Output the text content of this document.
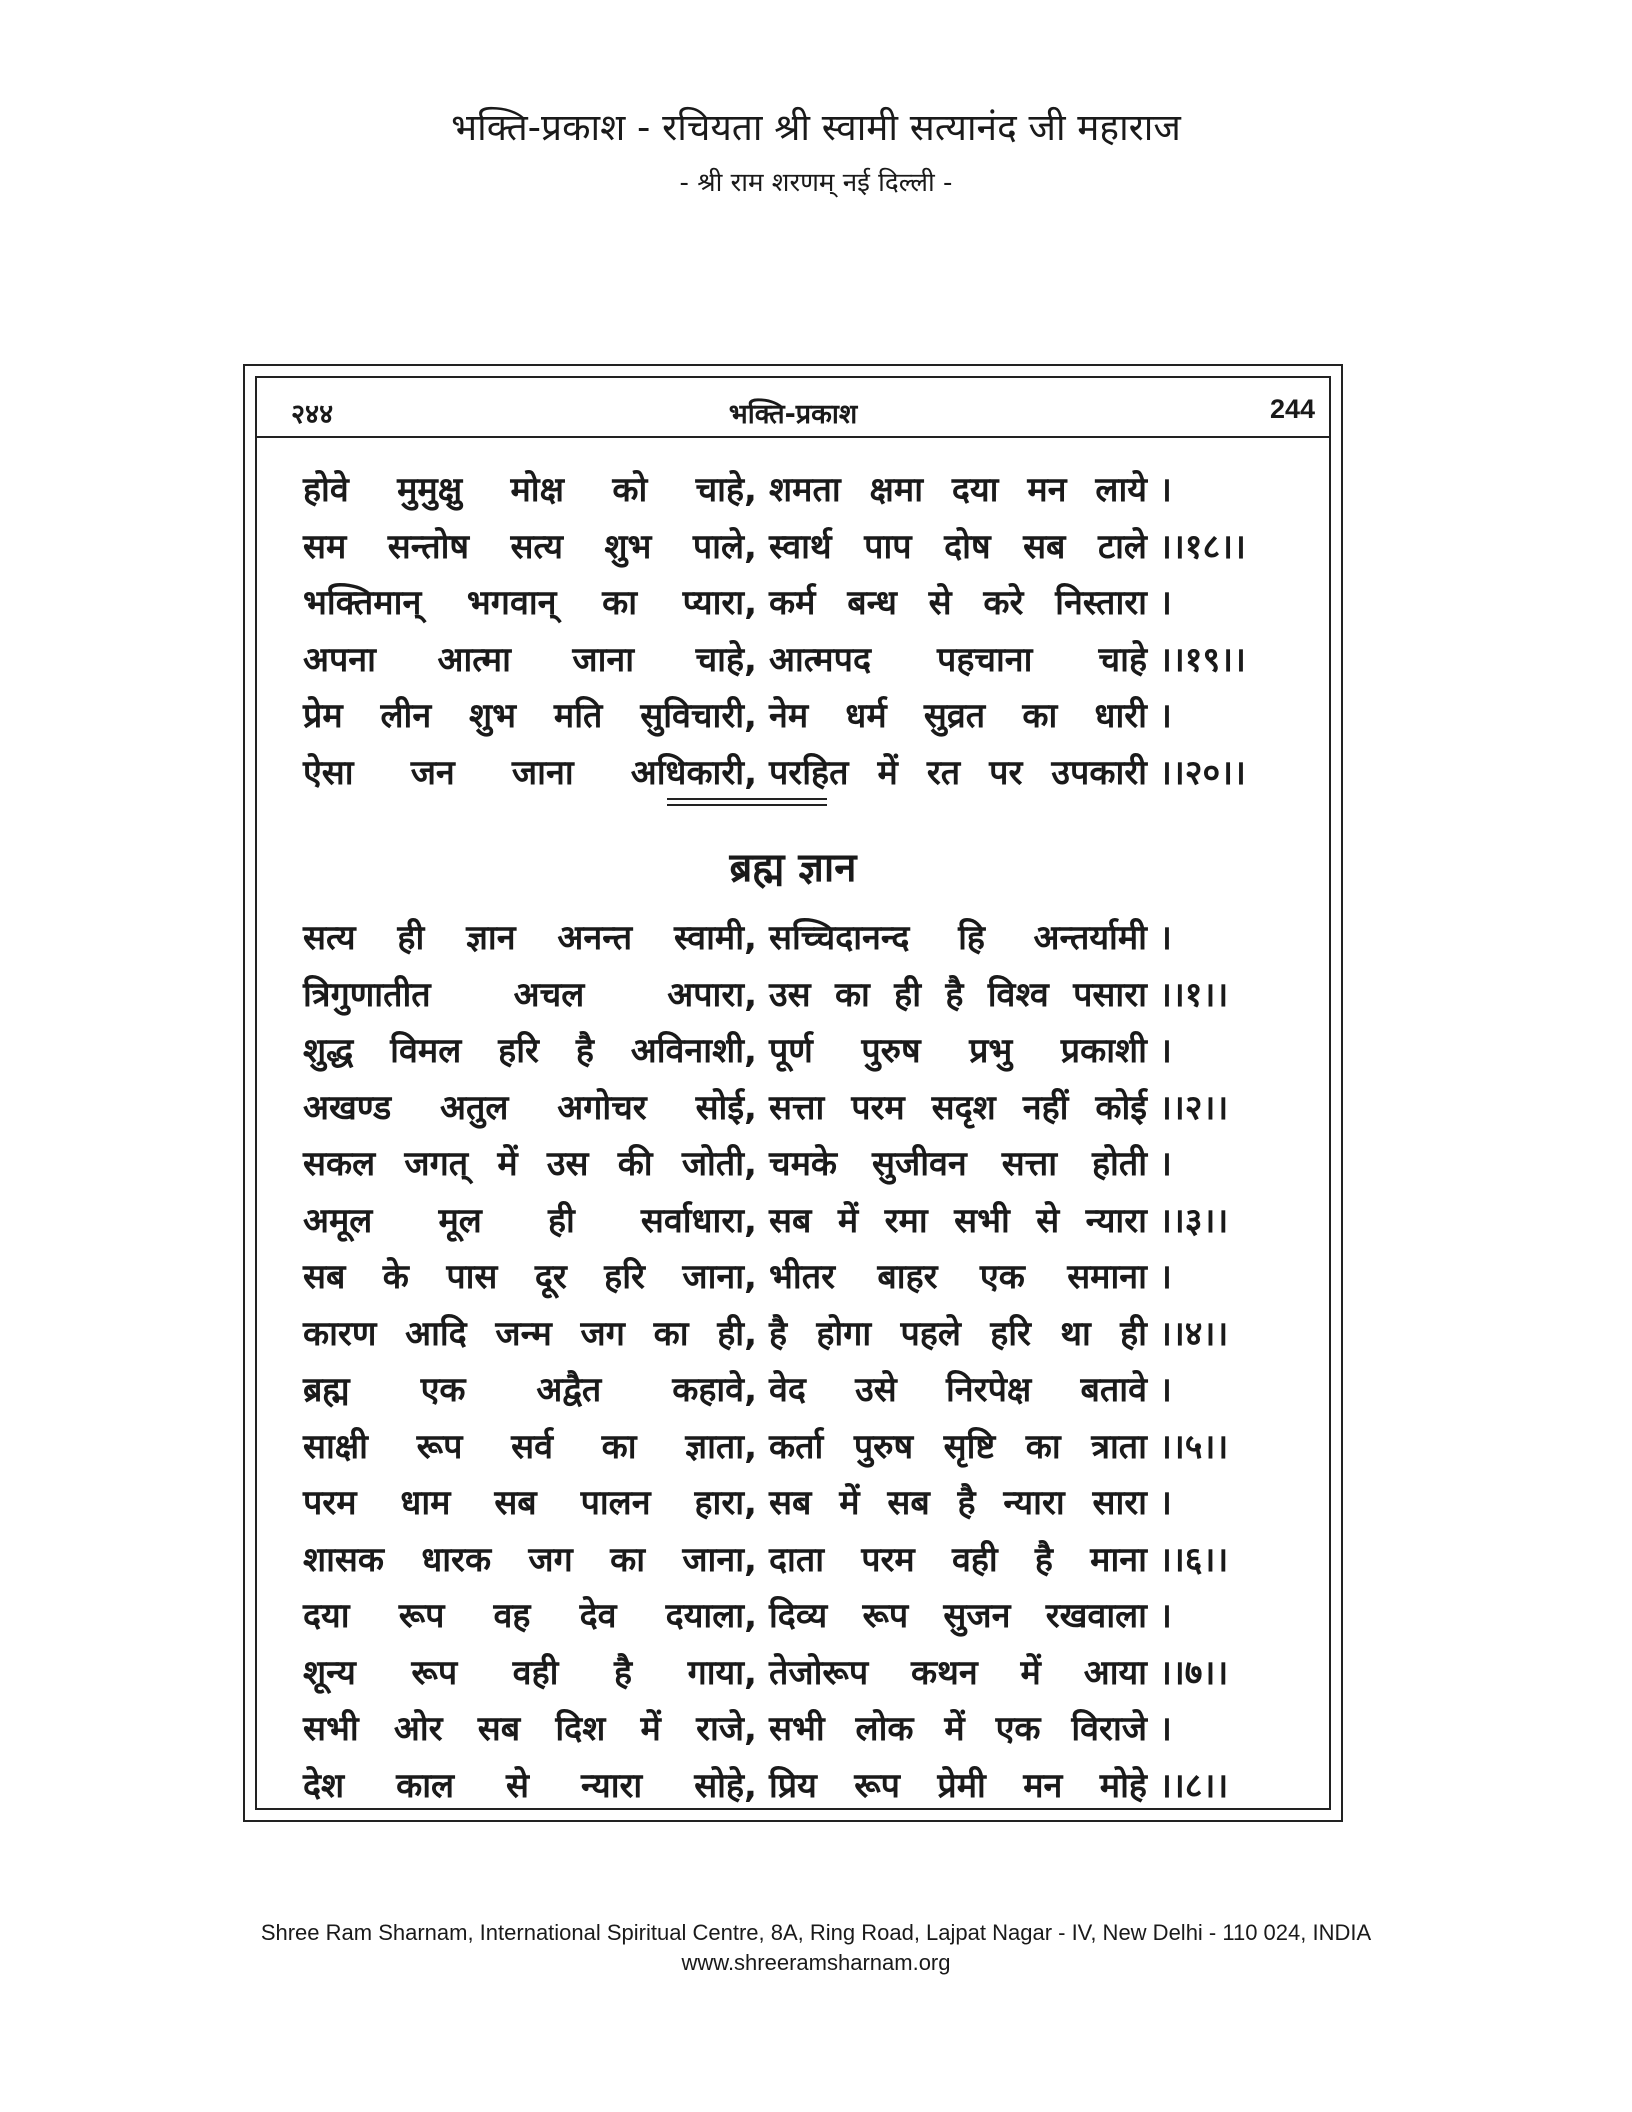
भक्ति-प्रकाश - रचियता श्री स्वामी सत्यानंद जी महाराज
- श्री राम शरणम् नई दिल्ली -
२४४	भक्ति-प्रकाश	244
होवे मुमुक्षु मोक्ष को चाहे, शमता क्षमा दया मन लाये ।
सम सन्तोष सत्य शुभ पाले, स्वार्थ पाप दोष सब टाले ।।१८।।
भक्तिमान् भगवान् का प्यारा, कर्म बन्ध से करे निस्तारा ।
अपना आत्मा जाना चाहे, आत्मपद पहचाना चाहे ।।१९।।
प्रेम लीन शुभ मति सुविचारी, नेम धर्म सुव्रत का धारी ।
ऐसा जन जाना अधिकारी, परहित में रत पर उपकारी ।।२०।।
ब्रह्म ज्ञान
सत्य ही ज्ञान अनन्त स्वामी, सच्चिदानन्द हि अन्तर्यामी ।
त्रिगुणातीत अचल अपारा, उस का ही है विश्व पसारा ।।१।।
शुद्ध विमल हरि है अविनाशी, पूर्ण पुरुष प्रभु प्रकाशी ।
अखण्ड अतुल अगोचर सोई, सत्ता परम सदृश नहीं कोई ।।२।।
सकल जगत् में उस की जोती, चमके सुजीवन सत्ता होती ।
अमूल मूल ही सर्वाधारा, सब में रमा सभी से न्यारा ।।३।।
सब के पास दूर हरि जाना, भीतर बाहर एक समाना ।
कारण आदि जन्म जग का ही, है होगा पहले हरि था ही ।।४।।
ब्रह्म एक अद्वैत कहावे, वेद उसे निरपेक्ष बतावे ।
साक्षी रूप सर्व का ज्ञाता, कर्ता पुरुष सृष्टि का त्राता ।।५।।
परम धाम सब पालन हारा, सब में सब है न्यारा सारा ।
शासक धारक जग का जाना, दाता परम वही है माना ।।६।।
दया रूप वह देव दयाला, दिव्य रूप सुजन रखवाला ।
शून्य रूप वही है गाया, तेजोरूप कथन में आया ।।७।।
सभी ओर सब दिश में राजे, सभी लोक में एक विराजे ।
देश काल से न्यारा सोहे, प्रिय रूप प्रेमी मन मोहे ।।८।।
Shree Ram Sharnam, International Spiritual Centre, 8A, Ring Road, Lajpat Nagar - IV, New Delhi - 110 024, INDIA
www.shreeramsharnam.org
